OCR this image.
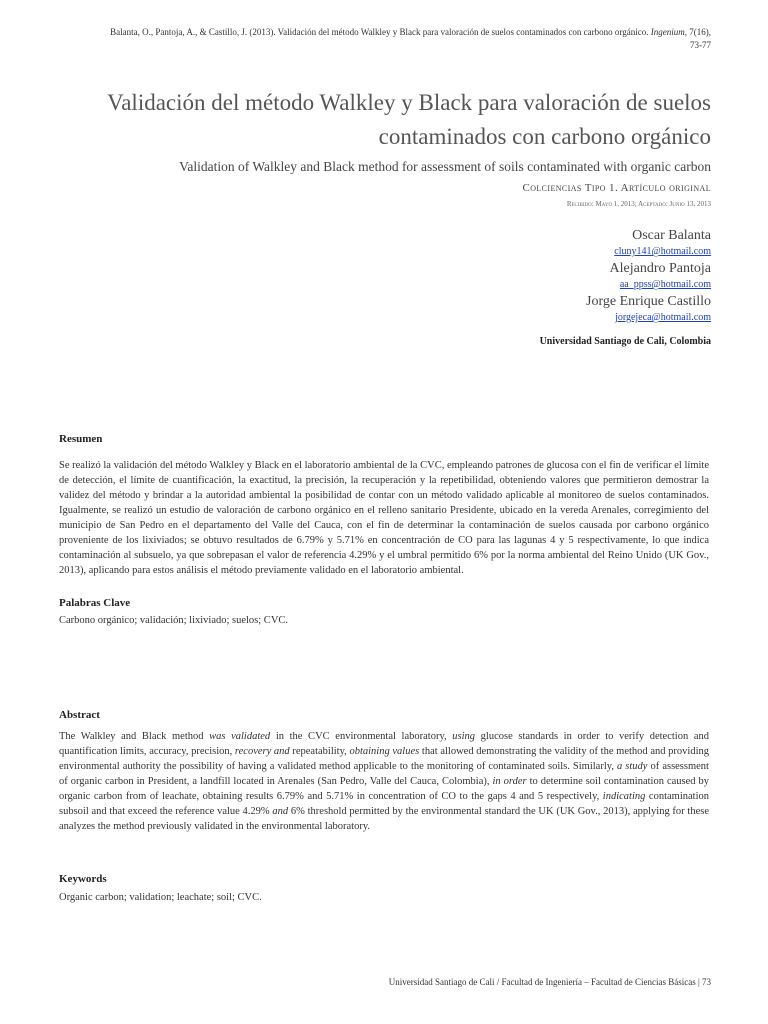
Balanta, O., Pantoja, A., & Castillo, J. (2013). Validación del método Walkley y Black para valoración de suelos contaminados con carbono orgánico. Ingenium, 7(16),
73-77
Validación del método Walkley y Black para valoración de suelos
contaminados con carbono orgánico
Validation of Walkley and Black method for assessment of soils contaminated with organic carbon
Colciencias Tipo 1. Artículo original
Recibido: Mayo 1, 2013; Aceptado: Junio 13, 2013
Oscar Balanta
cluny141@hotmail.com
Alejandro Pantoja
aa_ppss@hotmail.com
Jorge Enrique Castillo
jorgejeca@hotmail.com
Universidad Santiago de Cali, Colombia
Resumen
Se realizó la validación del método Walkley y Black en el laboratorio ambiental de la CVC, empleando patrones de glucosa con el fin de verificar el límite de detección, el límite de cuantificación, la exactitud, la precisión, la recuperación y la repetibilidad, obteniendo valores que permitieron demostrar la validez del método y brindar a la autoridad ambiental la posibilidad de contar con un método validado aplicable al monitoreo de suelos contaminados. Igualmente, se realizó un estudio de valoración de carbono orgánico en el relleno sanitario Presidente, ubicado en la vereda Arenales, corregimiento del municipio de San Pedro en el departamento del Valle del Cauca, con el fin de determinar la contaminación de suelos causada por carbono orgánico proveniente de los lixiviados; se obtuvo resultados de 6.79% y 5.71% en concentración de CO para las lagunas 4 y 5 respectivamente, lo que indica contaminación al subsuelo, ya que sobrepasan el valor de referencia 4.29% y el umbral permitido 6% por la norma ambiental del Reino Unido (UK Gov., 2013), aplicando para estos análisis el método previamente validado en el laboratorio ambiental.
Palabras Clave
Carbono orgánico; validación; lixiviado; suelos; CVC.
Abstract
The Walkley and Black method was validated in the CVC environmental laboratory, using glucose standards in order to verify detection and quantification limits, accuracy, precision, recovery and repeatability, obtaining values that allowed demonstrating the validity of the method and providing environmental authority the possibility of having a validated method applicable to the monitoring of contaminated soils. Similarly, a study of assessment of organic carbon in President, a landfill located in Arenales (San Pedro, Valle del Cauca, Colombia), in order to determine soil contamination caused by organic carbon from of leachate, obtaining results 6.79% and 5.71% in concentration of CO to the gaps 4 and 5 respectively, indicating contamination subsoil and that exceed the reference value 4.29% and 6% threshold permitted by the environmental standard the UK (UK Gov., 2013), applying for these analyzes the method previously validated in the environmental laboratory.
Keywords
Organic carbon; validation; leachate; soil; CVC.
Universidad Santiago de Cali / Facultad de Ingeniería – Facultad de Ciencias Básicas | 73
